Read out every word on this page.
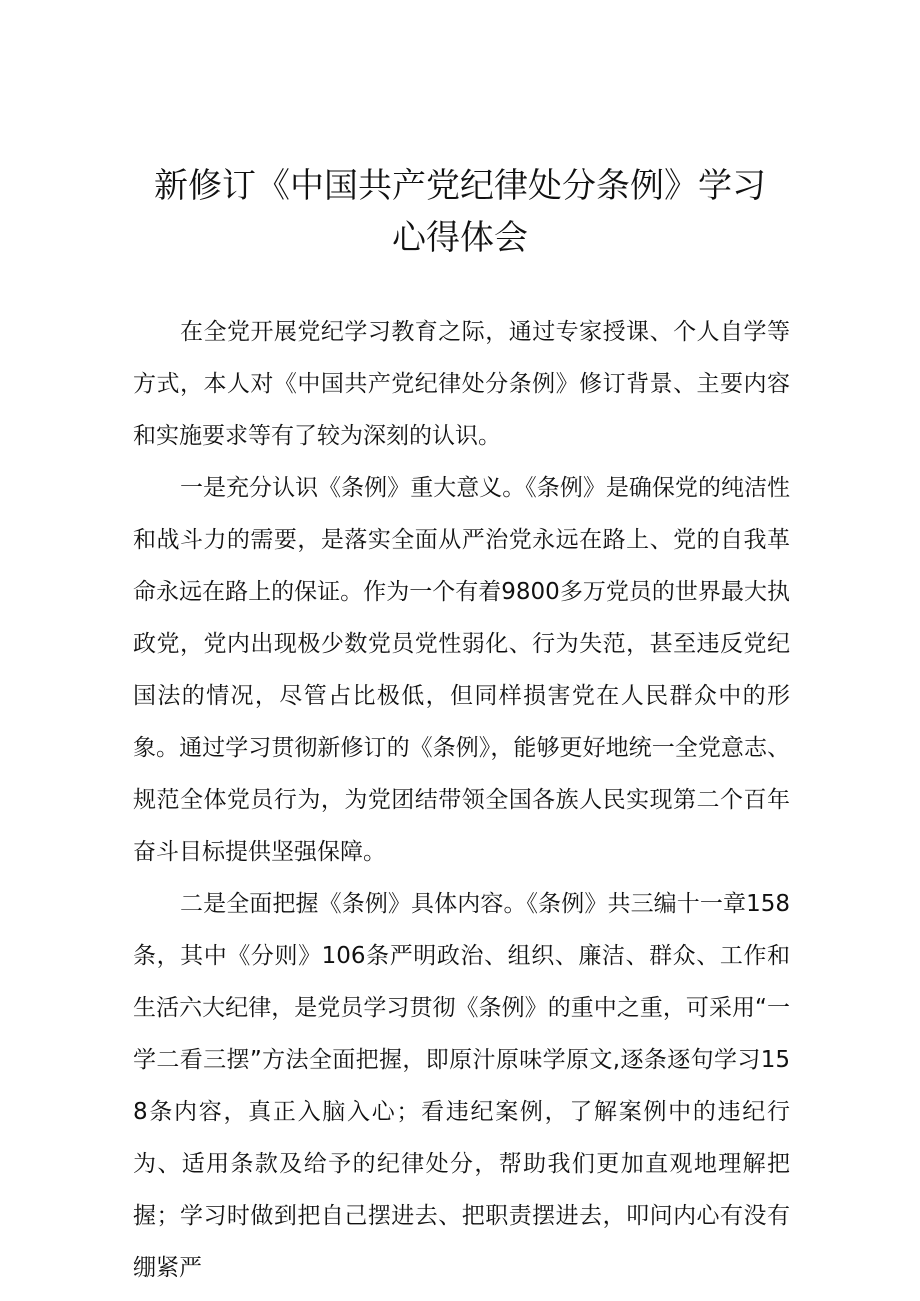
新修订《中国共产党纪律处分条例》学习
心得体会

在全党开展党纪学习教育之际，通过专家授课、个人自学等方式，本人对《中国共产党纪律处分条例》修订背景、主要内容和实施要求等有了较为深刻的认识。

一是充分认识《条例》重大意义。《条例》是确保党的纯洁性和战斗力的需要，是落实全面从严治党永远在路上、党的自我革命永远在路上的保证。作为一个有着9800多万党员的世界最大执政党，党内出现极少数党员党性弱化、行为失范，甚至违反党纪国法的情况，尽管占比极低，但同样损害党在人民群众中的形象。通过学习贯彻新修订的《条例》，能够更好地统一全党意志、规范全体党员行为，为党团结带领全国各族人民实现第二个百年奋斗目标提供坚强保障。

二是全面把握《条例》具体内容。《条例》共三编十一章158条，其中《分则》106条严明政治、组织、廉洁、群众、工作和生活六大纪律，是党员学习贯彻《条例》的重中之重，可采用“一学二看三摆”方法全面把握，即原汁原味学原文,逐条逐句学习158条内容，真正入脑入心；看违纪案例，了解案例中的违纪行为、适用条款及给予的纪律处分，帮助我们更加直观地理解把握；学习时做到把自己摆进去、把职责摆进去，叩问内心有没有绷紧严
